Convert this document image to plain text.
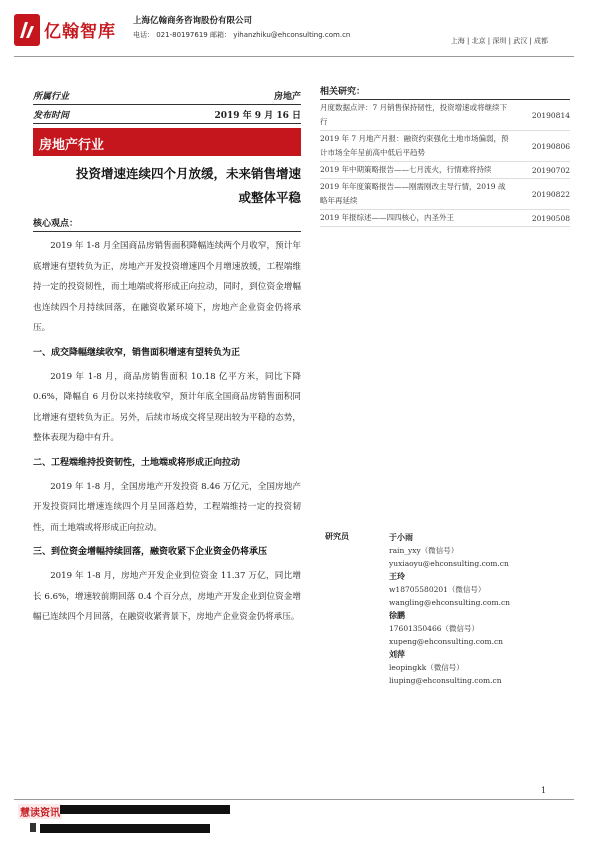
亿翰智库
上海亿翰商务咨询股份有限公司
电话： 021-80197619 邮箱： yihanzhiku@ehconsulting.com.cn
上海 | 北京 | 深圳 | 武汉 | 成都
所属行业	房地产
发布时间	2019 年 9 月 16 日
房地产行业
投资增速连续四个月放缓，未来销售增速
或整体平稳
核心观点：

2019 年 1-8 月全国商品房销售面积降幅连续两个月收窄，预计年底增速有望转负为正，房地产开发投资增速四个月增速放缓，工程端维持一定的投资韧性，而土地端或将形成正向拉动，同时，到位资金增幅也连续四个月持续回落，在融资收紧环境下，房地产企业资金仍将承压。

一、成交降幅继续收窄，销售面积增速有望转负为正

2019 年 1-8 月，商品房销售面积 10.18 亿平方米，同比下降 0.6%，降幅自 6 月份以来持续收窄，预计年底全国商品房销售面积同比增速有望转负为正。另外，后续市场成交将呈现出较为平稳的态势，整体表现为稳中有升。

二、工程端维持投资韧性，土地端或将形成正向拉动

2019 年 1-8 月，全国房地产开发投资 8.46 万亿元，全国房地产开发投资同比增速连续四个月呈回落趋势，工程端维持一定的投资韧性，而土地端或将形成正向拉动。

三、到位资金增幅持续回落，融资收紧下企业资金仍将承压

2019 年 1-8 月，房地产开发企业到位资金 11.37 万亿，同比增长 6.6%，增速较前期回落 0.4 个百分点，房地产开发企业到位资金增幅已连续四个月回落，在融资收紧背景下，房地产企业资金仍将承压。

相关研究：
月度数据点评：7 月销售保持韧性，投资增速或将继续下行
20190814
2019 年 7 月地产月报：融资约束强化土地市场偏弱，预计市场全年呈前高中低后平趋势
20190806
2019 年中期策略报告——七月流火，行情难将持续	20190702
2019 年年度策略报告——刚需刚改主导行情，2019 战略年再延续
20190822
2019 年报综述——四四核心，内圣外王	20190508
研究员	于小雨
rain_yxy（微信号）
yuxiaoyu@ehconsulting.com.cn
王玲
w18705580201（微信号）
wangling@ehconsulting.com.cn
徐鹏
17601350466（微信号）
xupeng@ehconsulting.com.cn
刘萍
leopingkk（微信号）
liuping@ehconsulting.com.cn
1
慧读资讯
